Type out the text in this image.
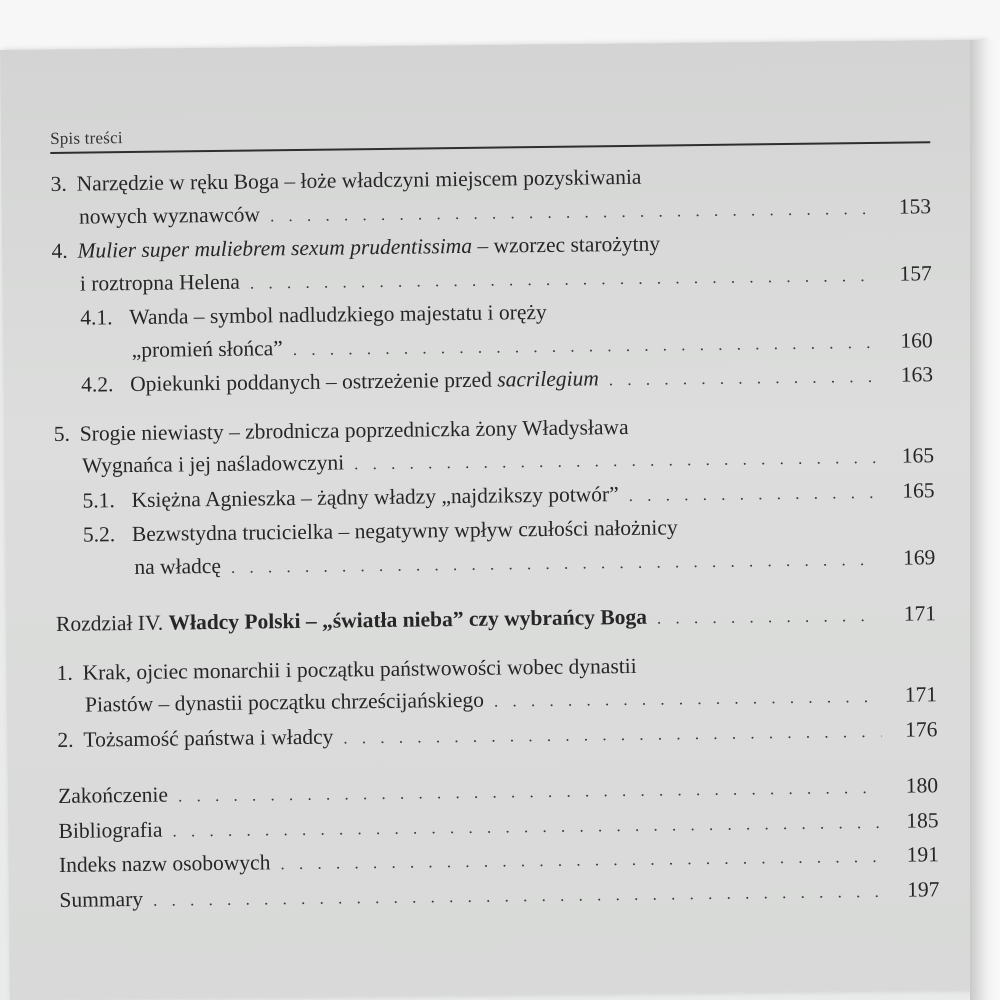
Spis treści
3. Narzędzie w ręku Boga – łoże władczyni miejscem pozyskiwania
nowych wyznawców . . .	153
4. Mulier super muliebrem sexum prudentissima – wzorzec starożytny
i roztropna Helena . . .	157
4.1. Wanda – symbol nadludzkiego majestatu i oręży
„promień słońca” . . .	160
4.2. Opiekunki poddanych – ostrzeżenie przed sacrilegium . . .	163
5. Srogie niewiasty – zbrodnicza poprzedniczka żony Władysława
Wygnańca i jej naśladowczyni . . .	165
5.1. Księżna Agnieszka – żądny władzy „najdzikszy potwór” . . .	165
5.2. Bezwstydna trucicielka – negatywny wpływ czułości nałożnicy
na władcę . . .	169
Rozdział IV. Władcy Polski – „światła nieba” czy wybrańcy Boga . . .	171
1. Krak, ojciec monarchii i początku państwowości wobec dynastii
Piastów – dynastii początku chrześcijańskiego . . .	171
2. Tożsamość państwa i władcy . . .	176
Zakończenie . . .	180
Bibliografia . . .	185
Indeks nazw osobowych . . .	191
Summary . . .	197
